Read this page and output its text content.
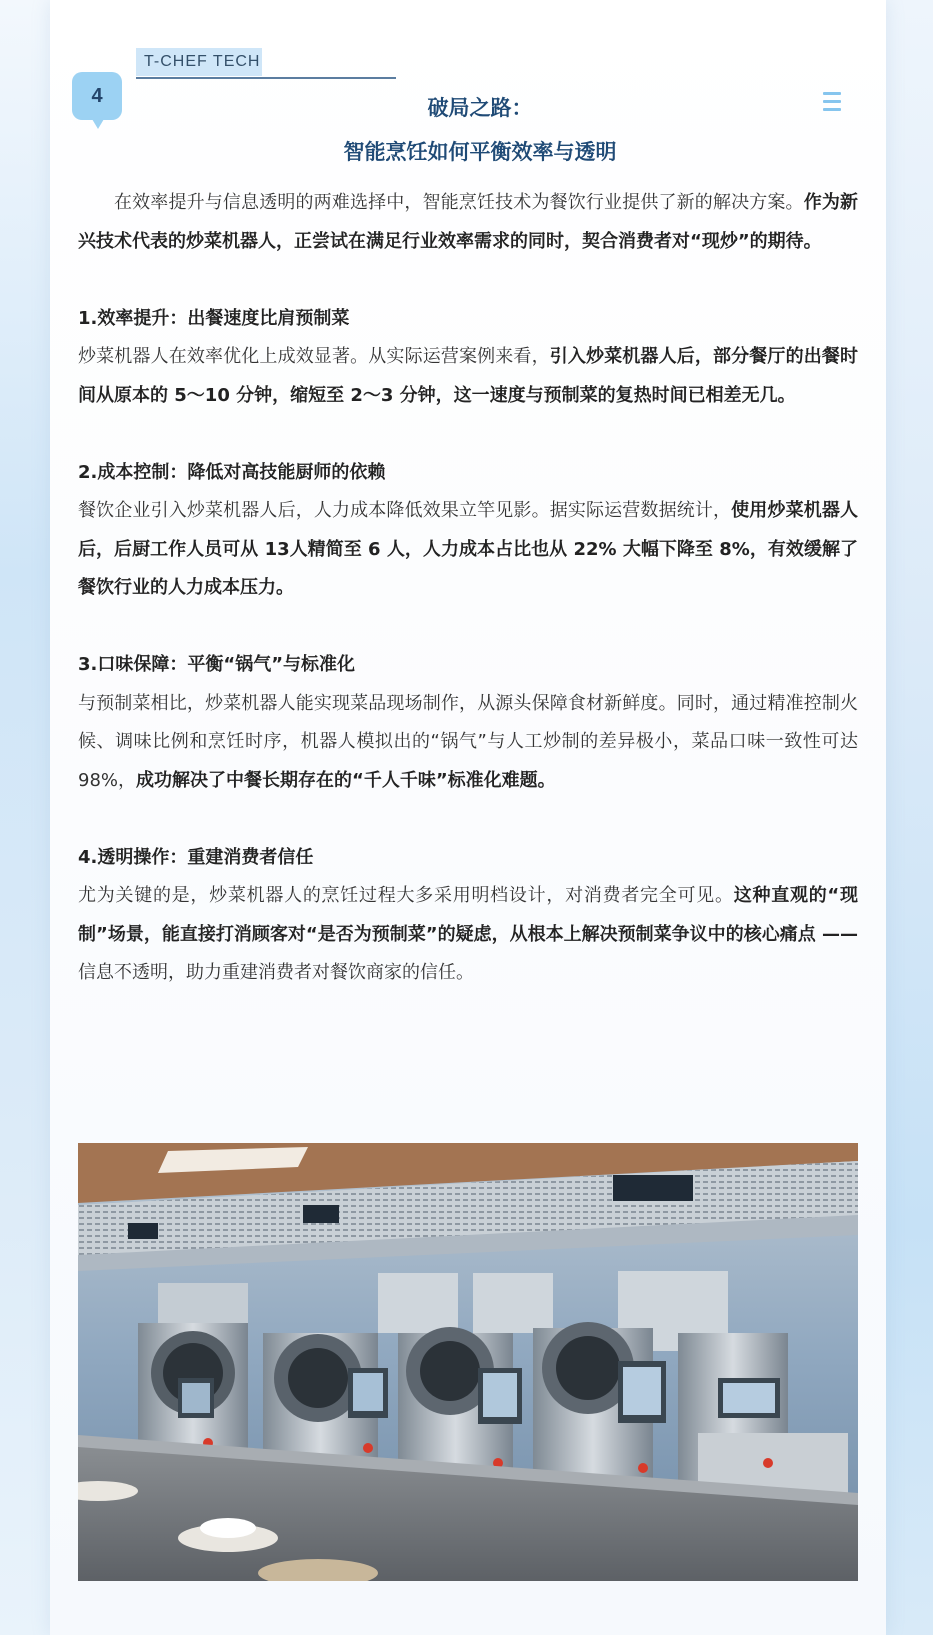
T-CHEF TECH
4	破局之路：
智能烹饪如何平衡效率与透明

在效率提升与信息透明的两难选择中，智能烹饪技术为餐饮行业提供了新的解决方案。作为新兴技术代表的炒菜机器人，正尝试在满足行业效率需求的同时，契合消费者对“现炒”的期待。

1.效率提升：出餐速度比肩预制菜

炒菜机器人在效率优化上成效显著。从实际运营案例来看，引入炒菜机器人后，部分餐厅的出餐时间从原本的 5～10 分钟，缩短至 2～3 分钟，这一速度与预制菜的复热时间已相差无几。

2.成本控制：降低对高技能厨师的依赖

餐饮企业引入炒菜机器人后，人力成本降低效果立竿见影。据实际运营数据统计，使用炒菜机器人后，后厨工作人员可从 13人精简至 6 人，人力成本占比也从 22% 大幅下降至 8%，有效缓解了餐饮行业的人力成本压力。

3.口味保障：平衡“锅气”与标准化

与预制菜相比，炒菜机器人能实现菜品现场制作，从源头保障食材新鲜度。同时，通过精准控制火候、调味比例和烹饪时序，机器人模拟出的“锅气”与人工炒制的差异极小，菜品口味一致性可达 98%，成功解决了中餐长期存在的“千人千味”标准化难题。

4.透明操作：重建消费者信任

尤为关键的是，炒菜机器人的烹饪过程大多采用明档设计，对消费者完全可见。这种直观的“现制”场景，能直接打消顾客对“是否为预制菜”的疑虑，从根本上解决预制菜争议中的核心痛点 —— 信息不透明，助力重建消费者对餐饮商家的信任。
